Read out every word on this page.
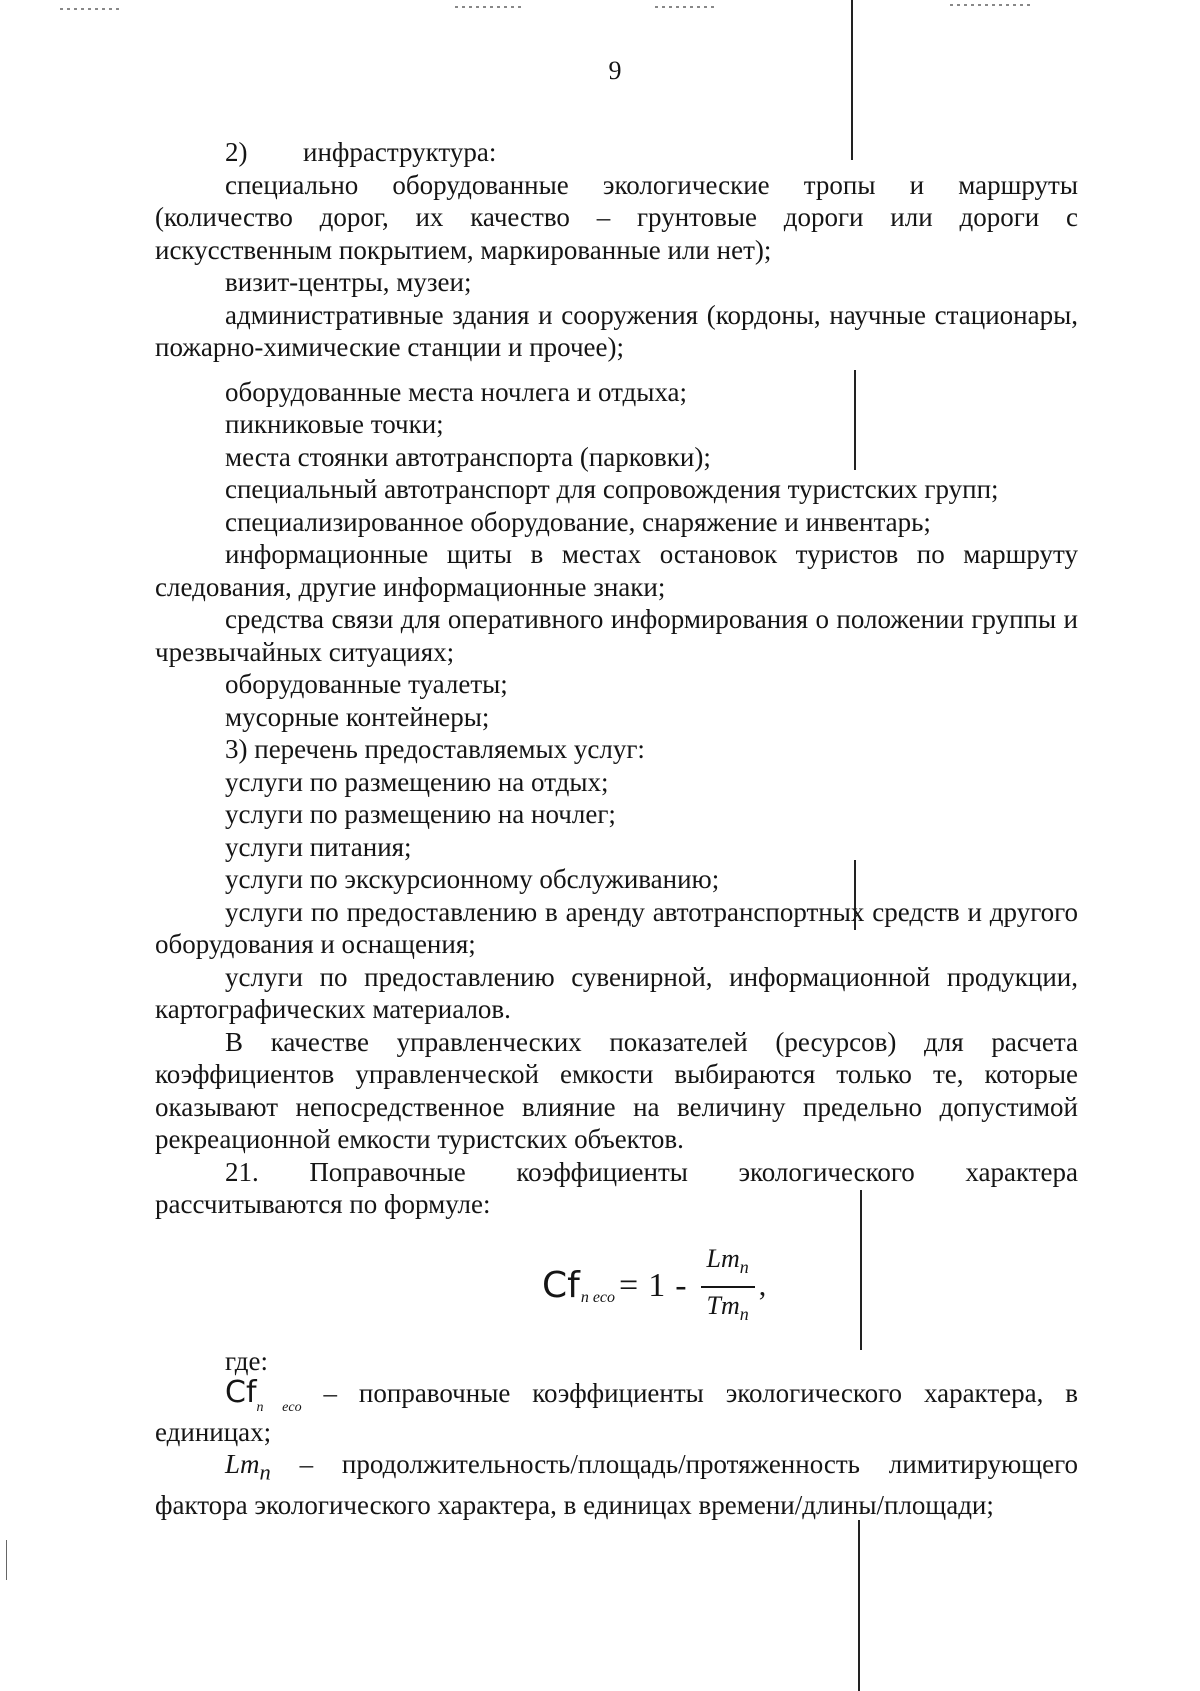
9

2) инфраструктура:

специально оборудованные экологические тропы и маршруты (количество дорог, их качество – грунтовые дороги или дороги с искусственным покрытием, маркированные или нет);

визит-центры, музеи;

административные здания и сооружения (кордоны, научные стационары, пожарно-химические станции и прочее);

оборудованные места ночлега и отдыха;

пикниковые точки;

места стоянки автотранспорта (парковки);

специальный автотранспорт для сопровождения туристских групп;

специализированное оборудование, снаряжение и инвентарь;

информационные щиты в местах остановок туристов по маршруту следования, другие информационные знаки;

средства связи для оперативного информирования о положении группы и чрезвычайных ситуациях;

оборудованные туалеты;

мусорные контейнеры;

3) перечень предоставляемых услуг:

услуги по размещению на отдых;

услуги по размещению на ночлег;

услуги питания;

услуги по экскурсионному обслуживанию;

услуги по предоставлению в аренду автотранспортных средств и другого оборудования и оснащения;

услуги по предоставлению сувенирной, информационной продукции, картографических материалов.

В качестве управленческих показателей (ресурсов) для расчета коэффициентов управленческой емкости выбираются только те, которые оказывают непосредственное влияние на величину предельно допустимой рекреационной емкости туристских объектов.

21. Поправочные коэффициенты экологического характера рассчитываются по формуле:

Cf n eco = $1 - \frac{Lm_n}{Tm_n}$ ,

где:

$Cf_{n eco}$ – поправочные коэффициенты экологического характера, в единицах;

$Lm_n$ – продолжительность/площадь/протяженность лимитирующего фактора экологического характера, в единицах времени/длины/площади;
